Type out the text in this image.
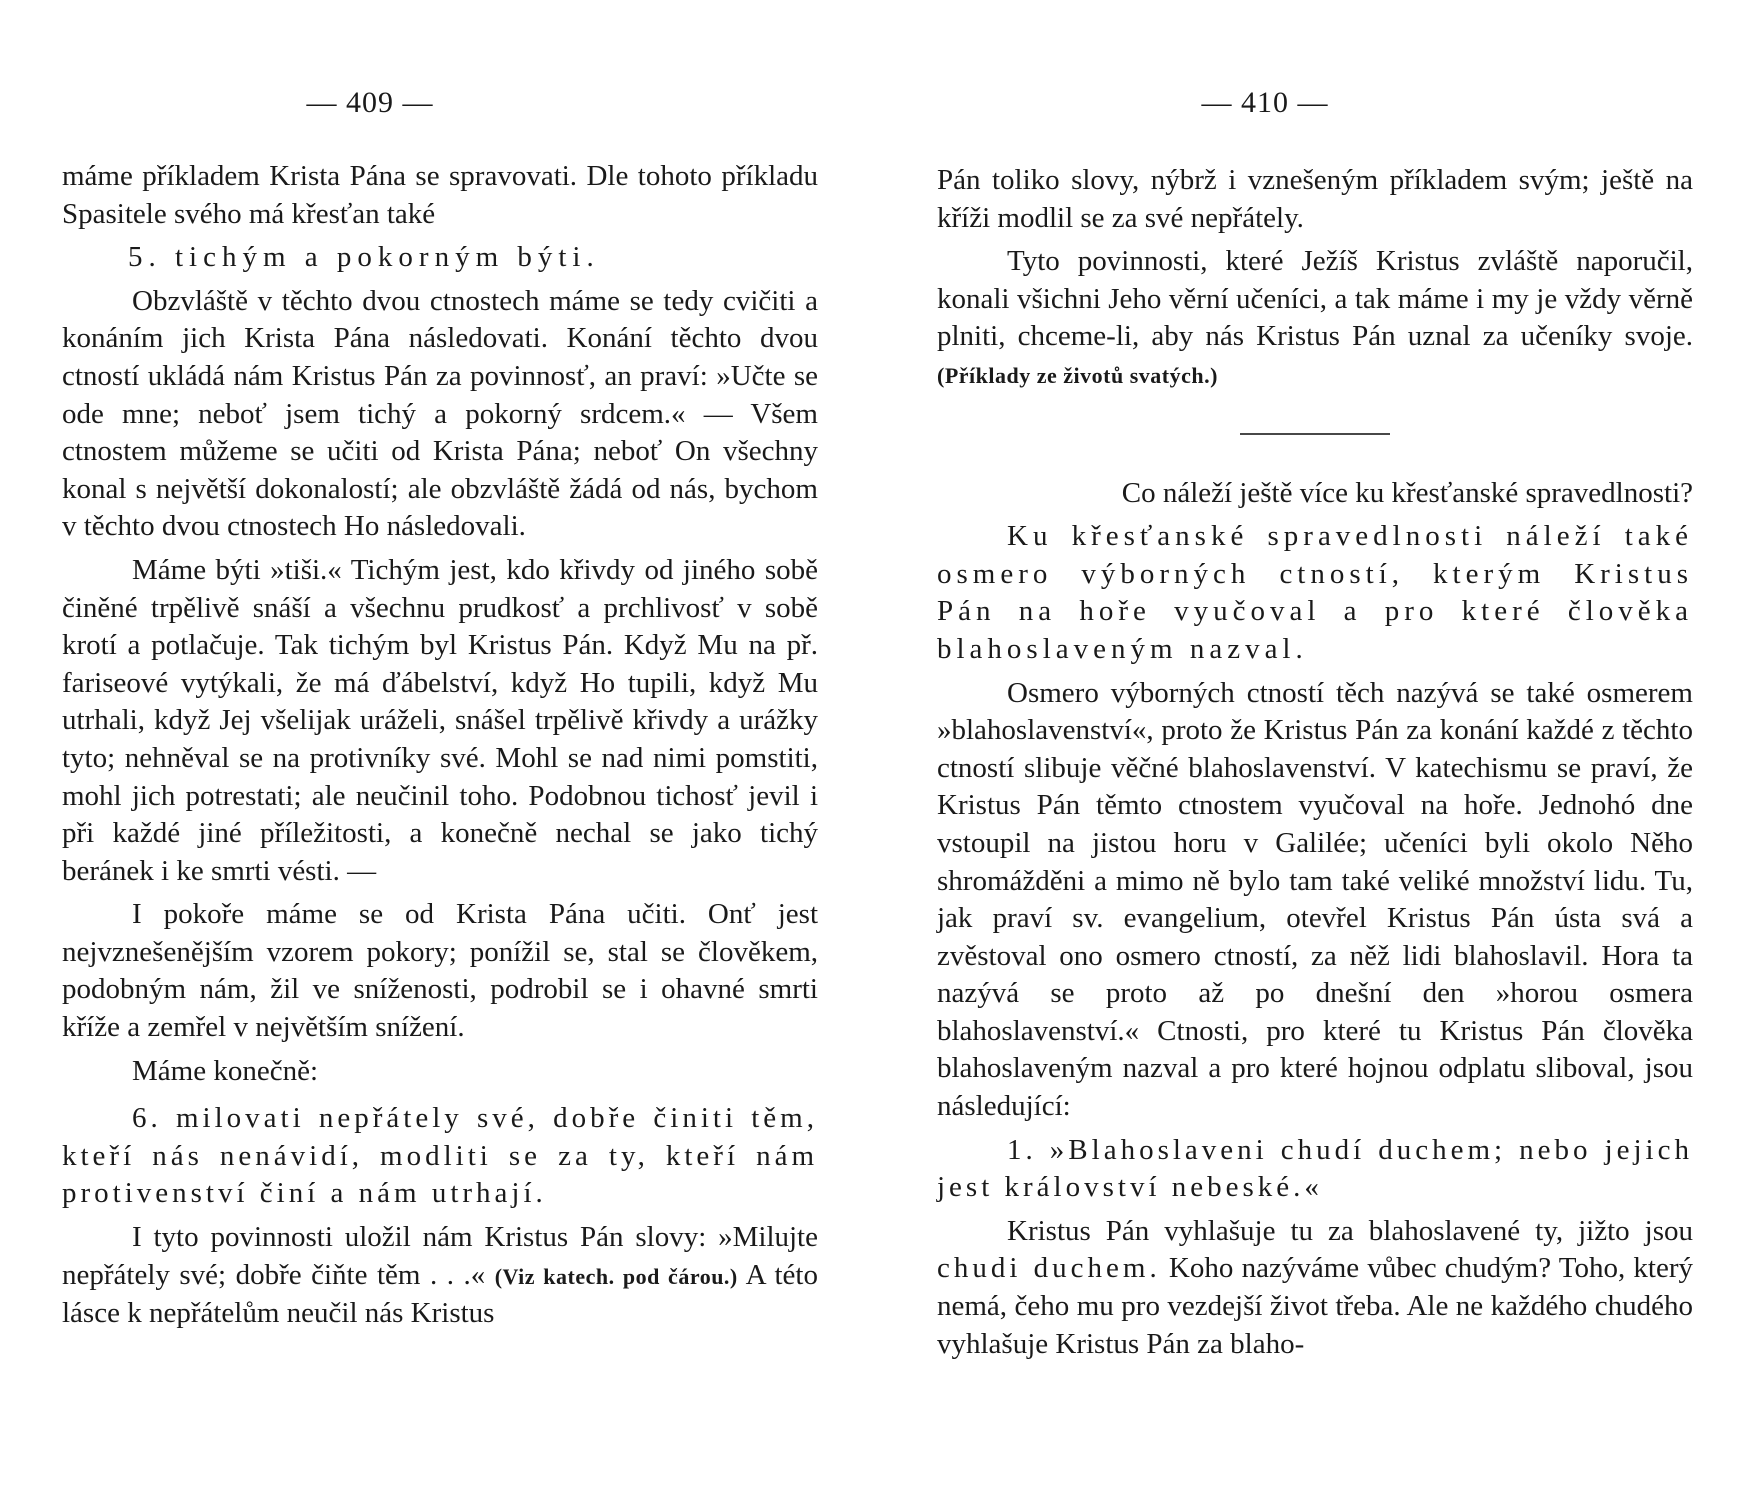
— 409 —

máme příkladem Krista Pána se spravovati. Dle tohoto příkladu Spasitele svého má křesťan také

5. tichým a pokorným býti.

Obzvláště v těchto dvou ctnostech máme se tedy cvičiti a konáním jich Krista Pána následovati. Konání těchto dvou ctností ukládá nám Kristus Pán za povinnosť, an praví: »Učte se ode mne; neboť jsem tichý a pokorný srdcem.« — Všem ctnostem můžeme se učiti od Krista Pána; neboť On všechny konal s největší dokonalostí; ale obzvláště žádá od nás, bychom v těchto dvou ctnostech Ho následovali.

Máme býti »tiši.« Tichým jest, kdo křivdy od jiného sobě činěné trpělivě snáší a všechnu prudkosť a prchlivosť v sobě krotí a potlačuje. Tak tichým byl Kristus Pán. Když Mu na př. fariseové vytýkali, že má ďábelství, když Ho tupili, když Mu utrhali, když Jej všelijak uráželi, snášel trpělivě křivdy a urážky tyto; nehněval se na protivníky své. Mohl se nad nimi pomstiti, mohl jich potrestati; ale neučinil toho. Podobnou tichosť jevil i při každé jiné příležitosti, a konečně nechal se jako tichý beránek i ke smrti vésti. —

I pokoře máme se od Krista Pána učiti. Onť jest nejvznešenějším vzorem pokory; ponížil se, stal se člověkem, podobným nám, žil ve sníženosti, podrobil se i ohavné smrti kříže a zemřel v největším snížení.

Máme konečně:

6. milovati nepřátely své, dobře činiti těm, kteří nás nenávidí, modliti se za ty, kteří nám protivenství činí a nám utrhají.

I tyto povinnosti uložil nám Kristus Pán slovy: »Milujte nepřátely své; dobře čiňte těm . . .« (Viz katech. pod čárou.) A této lásce k nepřátelům neučil nás Kristus

— 410 —

Pán toliko slovy, nýbrž i vznešeným příkladem svým; ještě na kříži modlil se za své nepřátely.

Tyto povinnosti, které Ježíš Kristus zvláště naporučil, konali všichni Jeho věrní učeníci, a tak máme i my je vždy věrně plniti, chceme-li, aby nás Kristus Pán uznal za učeníky svoje. (Příklady ze životů svatých.)

Co náleží ještě více ku křesťanské spravedlnosti?

Ku křesťanské spravedlnosti náleží také osmero výborných ctností, kterým Kristus Pán na hoře vyučoval a pro které člověka blahoslaveným nazval.

Osmero výborných ctností těch nazývá se také osmerem »blahoslavenství«, proto že Kristus Pán za konání každé z těchto ctností slibuje věčné blahoslavenství. V katechismu se praví, že Kristus Pán těmto ctnostem vyučoval na hoře. Jednohó dne vstoupil na jistou horu v Galilée; učeníci byli okolo Něho shromážděni a mimo ně bylo tam také veliké množství lidu. Tu, jak praví sv. evangelium, otevřel Kristus Pán ústa svá a zvěstoval ono osmero ctností, za něž lidi blahoslavil. Hora ta nazývá se proto až po dnešní den »horou osmera blahoslavenství.« Ctnosti, pro které tu Kristus Pán člověka blahoslaveným nazval a pro které hojnou odplatu sliboval, jsou následující:

1. »Blahoslaveni chudí duchem; nebo jejich jest království nebeské.«

Kristus Pán vyhlašuje tu za blahoslavené ty, jižto jsou chudi duchem. Koho nazýváme vůbec chudým? Toho, který nemá, čeho mu pro vezdejší život třeba. Ale ne každého chudého vyhlašuje Kristus Pán za blaho-
